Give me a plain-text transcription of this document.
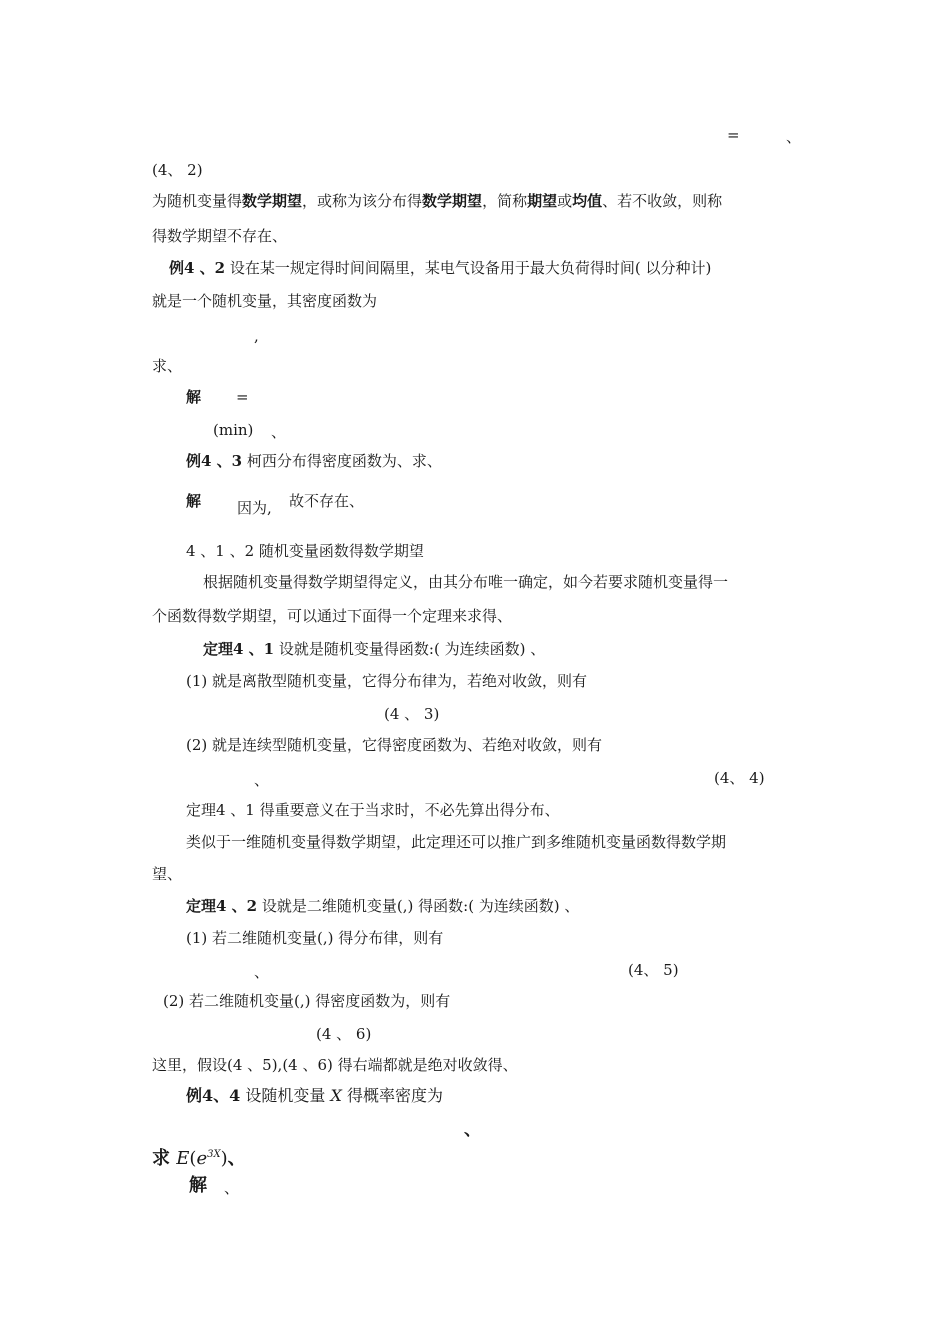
=	、
(4、 2)
为随机变量得数学期望，或称为该分布得数学期望，简称期望或均值、若不收敛，则称
得数学期望不存在、
例4 、2 设在某一规定得时间间隔里，某电气设备用于最大负荷得时间( 以分种计)
就是一个随机变量，其密度函数为
,
求、
解 =
(min) 、
例4 、3 柯西分布得密度函数为、求、
解 因为, 故不存在、
4 、1 、2 随机变量函数得数学期望
根据随机变量得数学期望得定义，由其分布唯一确定，如今若要求随机变量得一
个函数得数学期望，可以通过下面得一个定理来求得、
定理4 、1 设就是随机变量得函数:( 为连续函数) 、
(1) 就是离散型随机变量，它得分布律为，若绝对收敛，则有
(4 、 3)
(2) 就是连续型随机变量，它得密度函数为、若绝对收敛，则有
、	(4、 4)
定理4 、1 得重要意义在于当求时，不必先算出得分布、
类似于一维随机变量得数学期望，此定理还可以推广到多维随机变量函数得数学期
望、
定理4 、2 设就是二维随机变量(,) 得函数:( 为连续函数) 、
(1) 若二维随机变量(,) 得分布律，则有
、	(4、 5)
(2) 若二维随机变量(,) 得密度函数为，则有
(4 、 6)
这里，假设(4 、5),(4 、6) 得右端都就是绝对收敛得、
例4、4 设随机变量 X 得概率密度为
、
求 $E(e^{3X})$、
解 、
